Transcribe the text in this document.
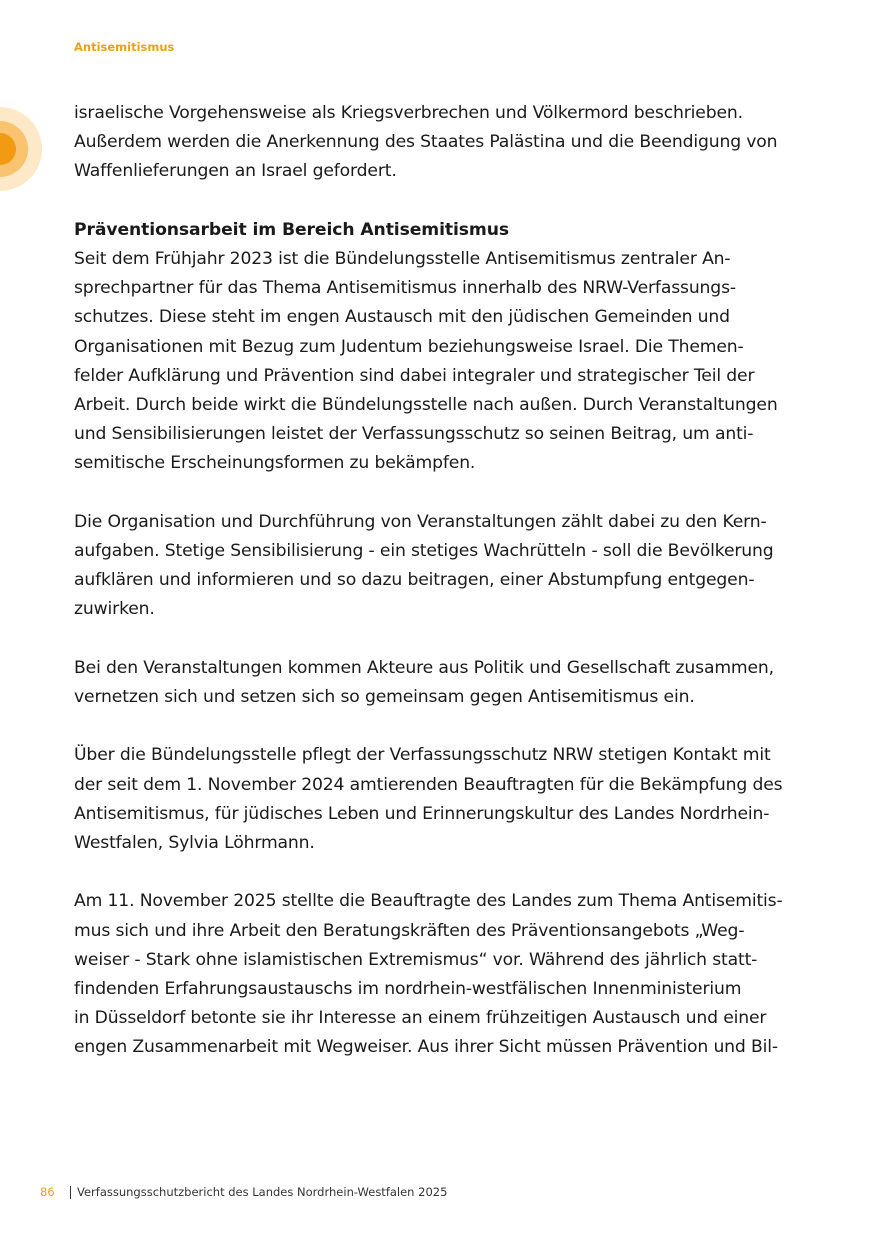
Antisemitismus

israelische Vorgehensweise als Kriegsverbrechen und Völkermord beschrieben.
Außerdem werden die Anerkennung des Staates Palästina und die Beendigung von
Waffenlieferungen an Israel gefordert.

Präventionsarbeit im Bereich Antisemitismus

Seit dem Frühjahr 2023 ist die Bündelungsstelle Antisemitismus zentraler An-
sprechpartner für das Thema Antisemitismus innerhalb des NRW-Verfassungs-
schutzes. Diese steht im engen Austausch mit den jüdischen Gemeinden und
Organisationen mit Bezug zum Judentum beziehungsweise Israel. Die Themen-
felder Aufklärung und Prävention sind dabei integraler und strategischer Teil der
Arbeit. Durch beide wirkt die Bündelungsstelle nach außen. Durch Veranstaltungen
und Sensibilisierungen leistet der Verfassungsschutz so seinen Beitrag, um anti-
semitische Erscheinungsformen zu bekämpfen.

Die Organisation und Durchführung von Veranstaltungen zählt dabei zu den Kern-
aufgaben. Stetige Sensibilisierung - ein stetiges Wachrütteln - soll die Bevölkerung
aufklären und informieren und so dazu beitragen, einer Abstumpfung entgegen-
zuwirken.

Bei den Veranstaltungen kommen Akteure aus Politik und Gesellschaft zusammen,
vernetzen sich und setzen sich so gemeinsam gegen Antisemitismus ein.

Über die Bündelungsstelle pflegt der Verfassungsschutz NRW stetigen Kontakt mit
der seit dem 1. November 2024 amtierenden Beauftragten für die Bekämpfung des
Antisemitismus, für jüdisches Leben und Erinnerungskultur des Landes Nordrhein-
Westfalen, Sylvia Löhrmann.

Am 11. November 2025 stellte die Beauftragte des Landes zum Thema Antisemitis-
mus sich und ihre Arbeit den Beratungskräften des Präventionsangebots „Weg-
weiser - Stark ohne islamistischen Extremismus“ vor. Während des jährlich statt-
findenden Erfahrungsaustauschs im nordrhein-westfälischen Innenministerium
in Düsseldorf betonte sie ihr Interesse an einem frühzeitigen Austausch und einer
engen Zusammenarbeit mit Wegweiser. Aus ihrer Sicht müssen Prävention und Bil-

86	Verfassungsschutzbericht des Landes Nordrhein-Westfalen 2025
